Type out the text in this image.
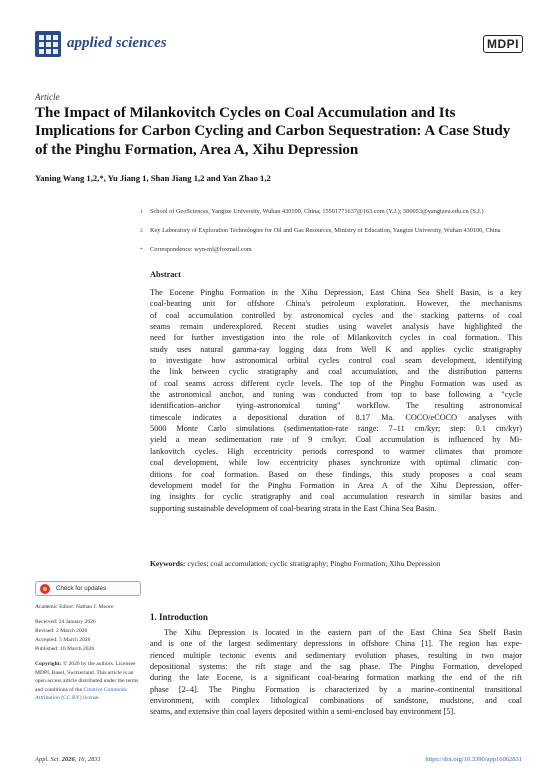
applied sciences	MDPI
Article
The Impact of Milankovitch Cycles on Coal Accumulation and Its Implications for Carbon Cycling and Carbon Sequestration: A Case Study of the Pinghu Formation, Area A, Xihu Depression
Yaning Wang 1,2,*, Yu Jiang 1, Shan Jiang 1,2 and Yan Zhao 1,2
1 School of GeoSciences, Yangtze University, Wuhan 430100, China; 15501771637@163.com (Y.J.); 500053@yangtzeu.edu.cn (S.J.)
2 Key Laboratory of Exploration Technologies for Oil and Gas Resources, Ministry of Education, Yangtze University, Wuhan 430100, China
* Correspondence: wyn-ml@foxmail.com
Abstract
The Eocene Pinghu Formation in the Xihu Depression, East China Sea Shelf Basin, is a key
coal-bearing unit for offshore China's petroleum exploration. However, the mechanisms
of coal accumulation controlled by astronomical cycles and the stacking patterns of coal
seams remain underexplored. Recent studies using wavelet analysis have highlighted the
need for further investigation into the role of Milankovitch cycles in coal formation. This
study uses natural gamma-ray logging data from Well K and applies cyclic stratigraphy
to investigate how astronomical orbital cycles control coal seam development, identifying
the link between cyclic stratigraphy and coal accumulation, and the distribution patterns
of coal seams across different cycle levels. The top of the Pinghu Formation was used as
the astronomical anchor, and tuning was conducted from top to base following a "cycle
identification–anchor tying–astronomical tuning" workflow. The resulting astronomical
timescale indicates a depositional duration of 8.17 Ma. COCO/eCOCO analyses with
5000 Monte Carlo simulations (sedimentation-rate range: 7–11 cm/kyr; step: 0.1 cm/kyr)
yield a mean sedimentation rate of 9 cm/kyr. Coal accumulation is influenced by Mi-
lankovitch cycles. High eccentricity periods correspond to warmer climates that promote
coal development, while low eccentricity phases synchronize with optimal climatic con-
ditions for coal formation. Based on these findings, this study proposes a coal seam
development model for the Pinghu Formation in Area A of the Xihu Depression, offer-
ing insights for cyclic stratigraphy and coal accumulation research in similar basins and
supporting sustainable development of coal-bearing strata in the East China Sea Basin.
Keywords: cycles; coal accumulation; cyclic stratigraphy; Pinghu Formation; Xihu Depression
Check for updates
Academic Editor: Nathan J. Moore
Received: 24 January 2026
Revised: 2 March 2026
Accepted: 5 March 2026
Published: 16 March 2026
Copyright: © 2026 by the authors. Licensee MDPI, Basel, Switzerland. This article is an open access article distributed under the terms and conditions of the Creative Commons Attribution (CC BY) license.
1. Introduction
The Xihu Depression is located in the eastern part of the East China Sea Shelf Basin
and is one of the largest sedimentary depressions in offshore China [1]. The region has expe-
rienced multiple tectonic events and sedimentary evolution phases, resulting in two major
depositional systems: the rift stage and the sag phase. The Pinghu Formation, developed
during the late Eocene, is a significant coal-bearing formation marking the end of the rift
phase [2–4]. The Pinghu Formation is characterized by a marine–continental transitional
environment, with complex lithological combinations of sandstone, mudstone, and coal
seams, and extensive thin coal layers deposited within a semi-enclosed bay environment [5].
Appl. Sci. 2026, 16, 2831	https://doi.org/10.3390/app16062831
